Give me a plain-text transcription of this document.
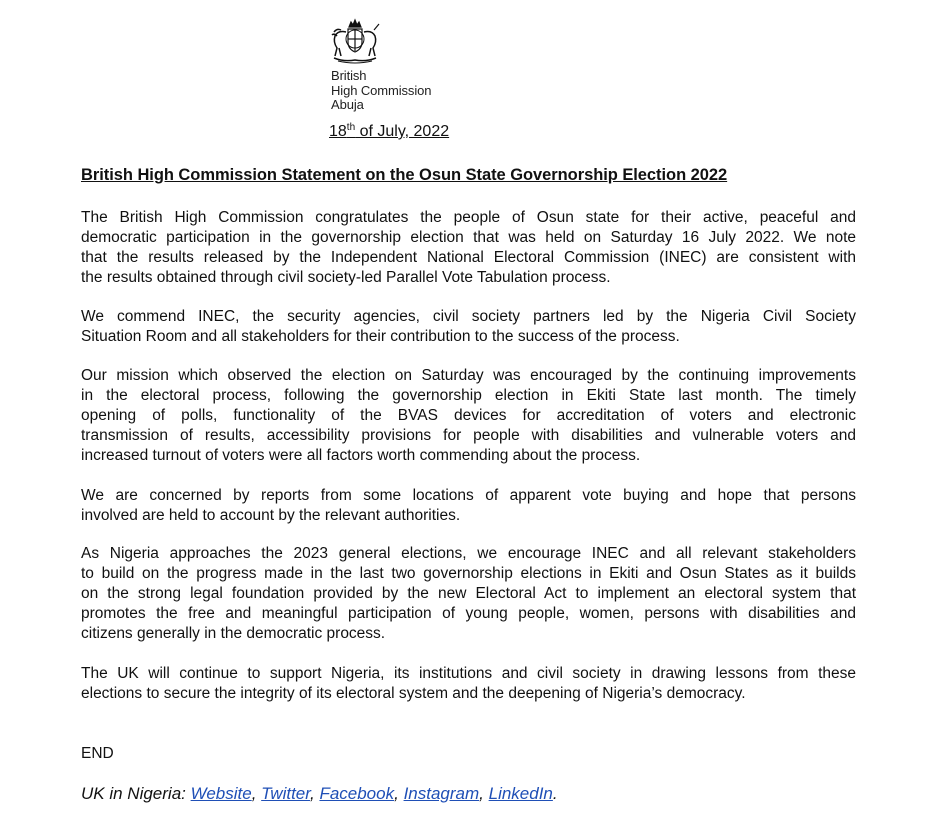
British
High Commission
Abuja
18th of July, 2022
British High Commission Statement on the Osun State Governorship Election 2022
The British High Commission congratulates the people of Osun state for their active, peaceful and
democratic participation in the governorship election that was held on Saturday 16 July 2022. We note
that the results released by the Independent National Electoral Commission (INEC) are consistent with
the results obtained through civil society-led Parallel Vote Tabulation process.
We commend INEC, the security agencies, civil society partners led by the Nigeria Civil Society
Situation Room and all stakeholders for their contribution to the success of the process.
Our mission which observed the election on Saturday was encouraged by the continuing improvements
in the electoral process, following the governorship election in Ekiti State last month. The timely
opening of polls, functionality of the BVAS devices for accreditation of voters and electronic
transmission of results, accessibility provisions for people with disabilities and vulnerable voters and
increased turnout of voters were all factors worth commending about the process.
We are concerned by reports from some locations of apparent vote buying and hope that persons
involved are held to account by the relevant authorities.
As Nigeria approaches the 2023 general elections, we encourage INEC and all relevant stakeholders
to build on the progress made in the last two governorship elections in Ekiti and Osun States as it builds
on the strong legal foundation provided by the new Electoral Act to implement an electoral system that
promotes the free and meaningful participation of young people, women, persons with disabilities and
citizens generally in the democratic process.
The UK will continue to support Nigeria, its institutions and civil society in drawing lessons from these
elections to secure the integrity of its electoral system and the deepening of Nigeria’s democracy.
END
UK in Nigeria: Website, Twitter, Facebook, Instagram, LinkedIn.
